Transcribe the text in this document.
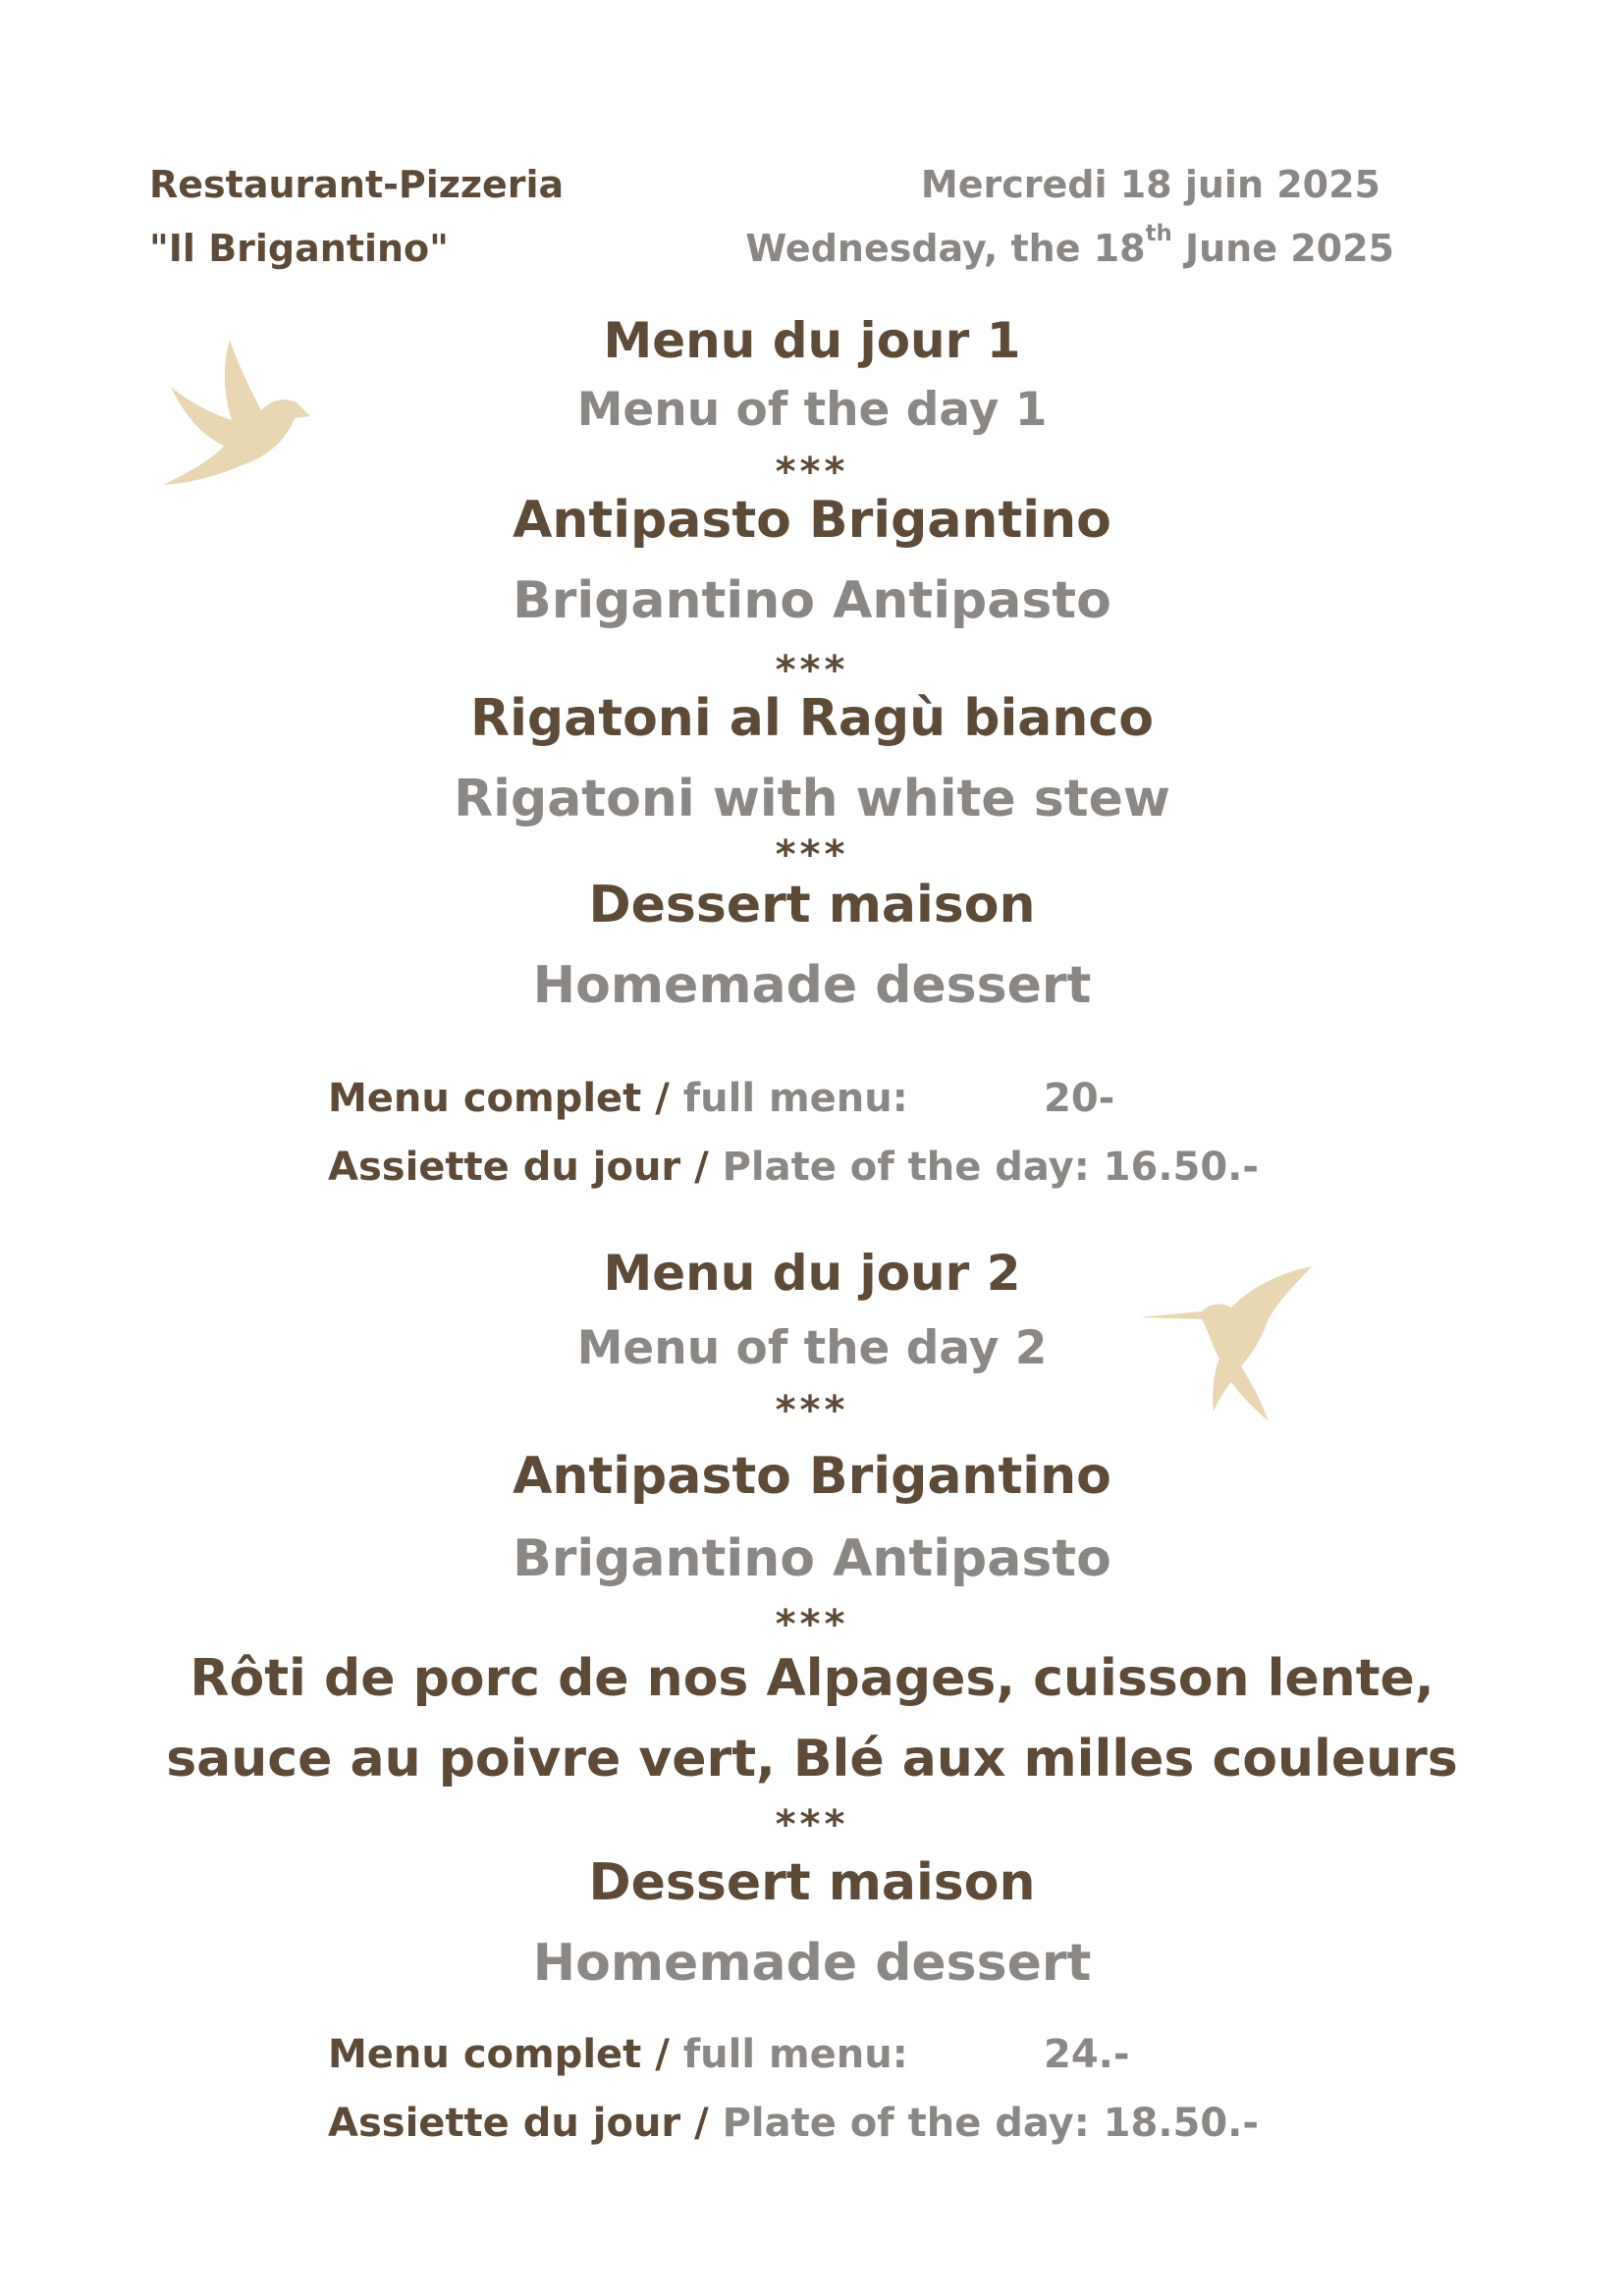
Restaurant-Pizzeria
"Il Brigantino"
Mercredi 18 juin 2025
Wednesday, the 18th June 2025
Menu du jour 1
Menu of the day 1
***
Antipasto Brigantino
Brigantino Antipasto
***
Rigatoni al Ragù bianco
Rigatoni with white stew
***
Dessert maison
Homemade dessert
Menu complet / full menu:	20-
Assiette du jour / Plate of the day: 16.50.-
Menu du jour 2
Menu of the day 2
***
Antipasto Brigantino
Brigantino Antipasto
***
Rôti de porc de nos Alpages, cuisson lente,
sauce au poivre vert, Blé aux milles couleurs
***
Dessert maison
Homemade dessert
Menu complet / full menu:	24.-
Assiette du jour / Plate of the day: 18.50.-
